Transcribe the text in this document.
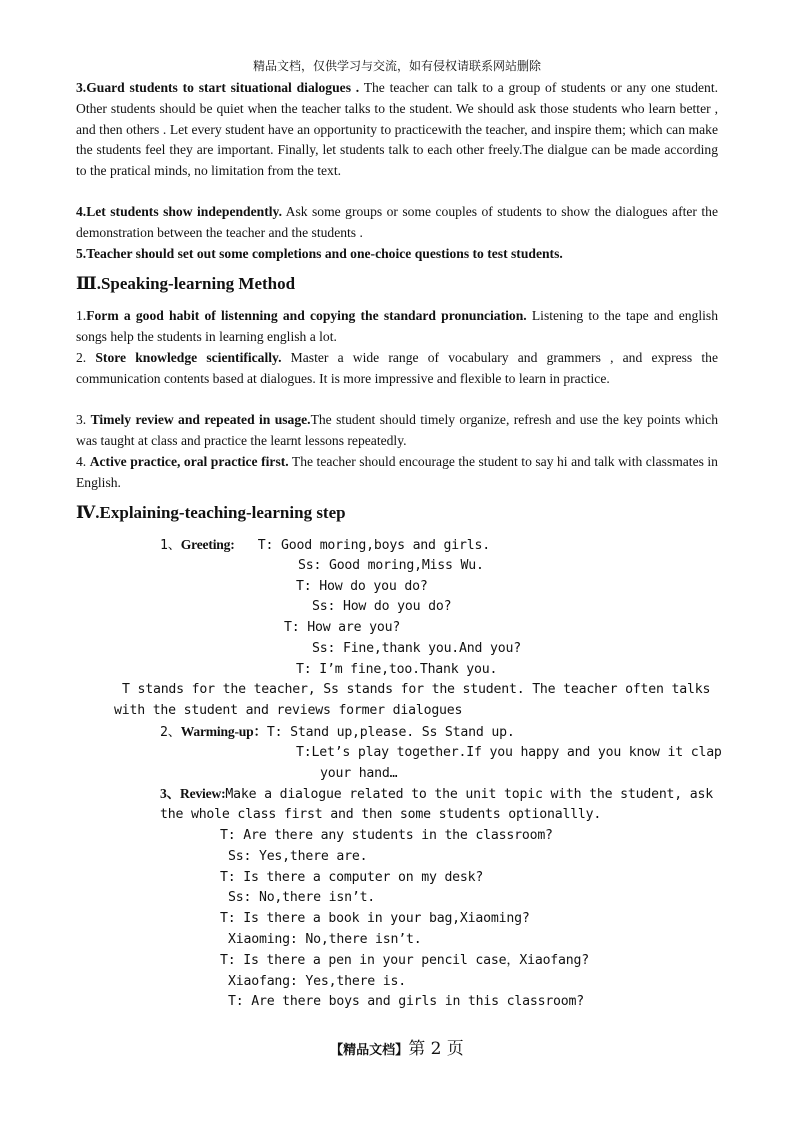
精品文档，仅供学习与交流，如有侵权请联系网站删除
3.Guard students to start situational dialogues . The teacher can talk to a group of students or any one student. Other students should be quiet when the teacher talks to the student. We should ask those students who learn better , and then others . Let every student have an opportunity to practicewith the teacher, and inspire them; which can make the students feel they are important. Finally, let students talk to each other freely.The dialgue can be made according to the pratical minds, no limitation from the text.
4.Let students show independently. Ask some groups or some couples of students to show the dialogues after the demonstration between the teacher and the students .
5.Teacher should set out some completions and one-choice questions to test students.
Ⅲ.Speaking-learning Method
1.Form a good habit of listenning and copying the standard pronunciation. Listening to the tape and english songs help the students in learning english a lot.
2. Store knowledge scientifically. Master a wide range of vocabulary and grammers , and express the communication contents based at dialogues. It is more impressive and flexible to learn in practice.
3. Timely review and repeated in usage.The student should timely organize, refresh and use the key points which was taught at class and practice the learnt lessons repeatedly.
4. Active practice, oral practice first. The teacher should encourage the student to say hi and talk with classmates in English.
Ⅳ.Explaining-teaching-learning step
1、Greeting: T: Good moring,boys and girls.
Ss: Good moring,Miss Wu.
T: How do you do?
Ss: How do you do?
T: How are you?
Ss: Fine,thank you.And you?
T: I’m fine,too.Thank you.
T stands for the teacher, Ss stands for the student. The teacher often talks
with the student and reviews former dialogues
2、Warming-up：T: Stand up,please. Ss Stand up.
T:Let’s play together.If you happy and you know it clap
your hand…
3、Review:Make a dialogue related to the unit topic with the student, ask
the whole class first and then some students optionallly.
T: Are there any students in the classroom?
Ss: Yes,there are.
T: Is there a computer on my desk?
Ss: No,there isn’t.
T: Is there a book in your bag,Xiaoming?
Xiaoming: No,there isn’t.
T: Is there a pen in your pencil case，Xiaofang?
Xiaofang: Yes,there is.
T: Are there boys and girls in this classroom?
【精品文档】第 2 页
